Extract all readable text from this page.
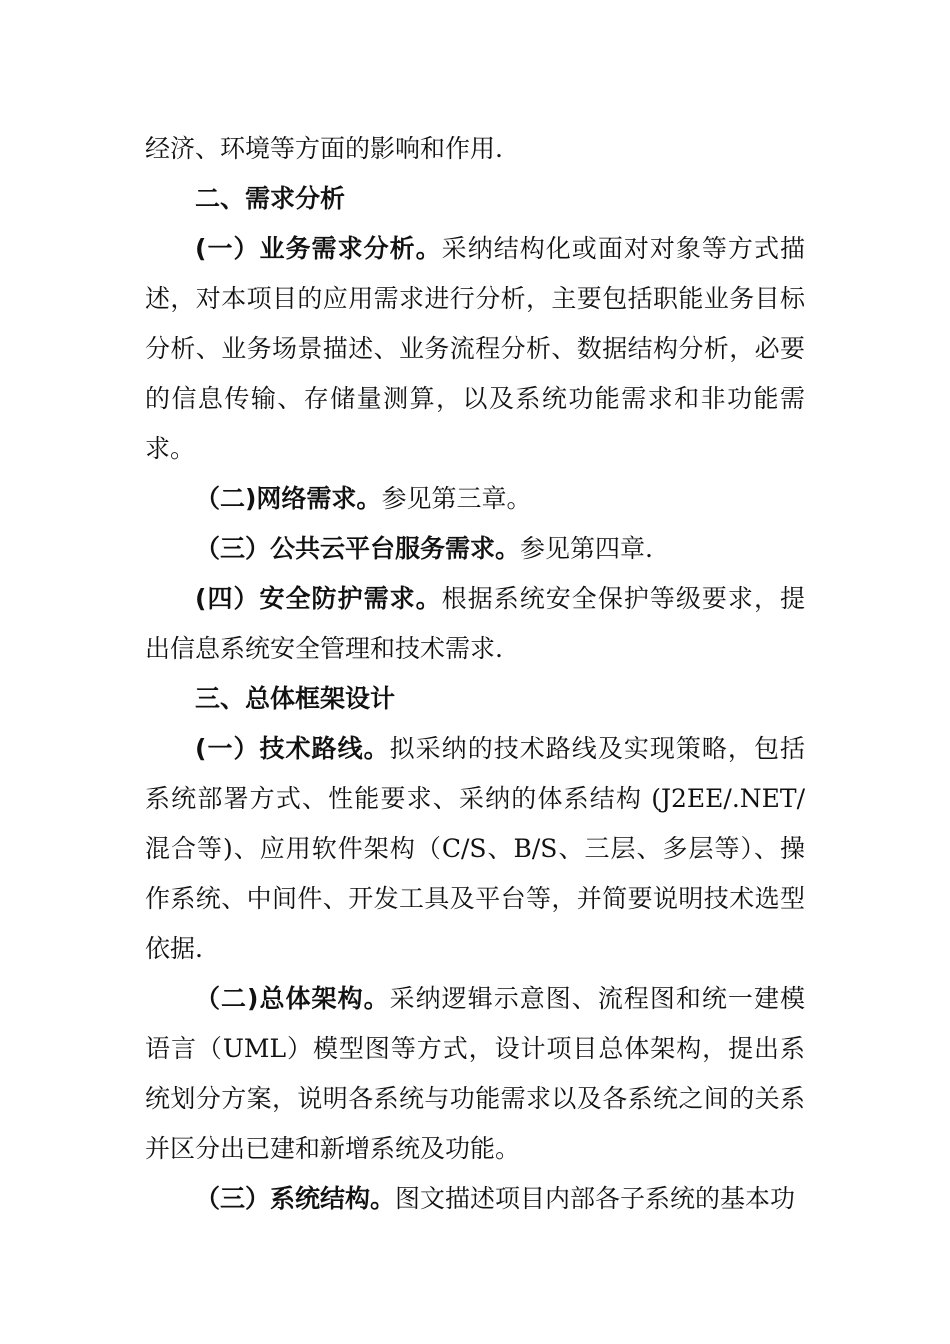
经济、环境等方面的影响和作用.

二、需求分析

(一）业务需求分析。采纳结构化或面对对象等方式描述，对本项目的应用需求进行分析，主要包括职能业务目标分析、业务场景描述、业务流程分析、数据结构分析，必要的信息传输、存储量测算，以及系统功能需求和非功能需求。

（二)网络需求。参见第三章。

（三）公共云平台服务需求。参见第四章.

(四）安全防护需求。根据系统安全保护等级要求，提出信息系统安全管理和技术需求.

三、总体框架设计

(一）技术路线。拟采纳的技术路线及实现策略，包括系统部署方式、性能要求、采纳的体系结构 (J2EE/.NET/混合等)、应用软件架构（C/S、B/S、三层、多层等）、操作系统、中间件、开发工具及平台等，并简要说明技术选型依据.

（二)总体架构。采纳逻辑示意图、流程图和统一建模语言（UML）模型图等方式，设计项目总体架构，提出系统划分方案，说明各系统与功能需求以及各系统之间的关系并区分出已建和新增系统及功能。

（三）系统结构。图文描述项目内部各子系统的基本功
